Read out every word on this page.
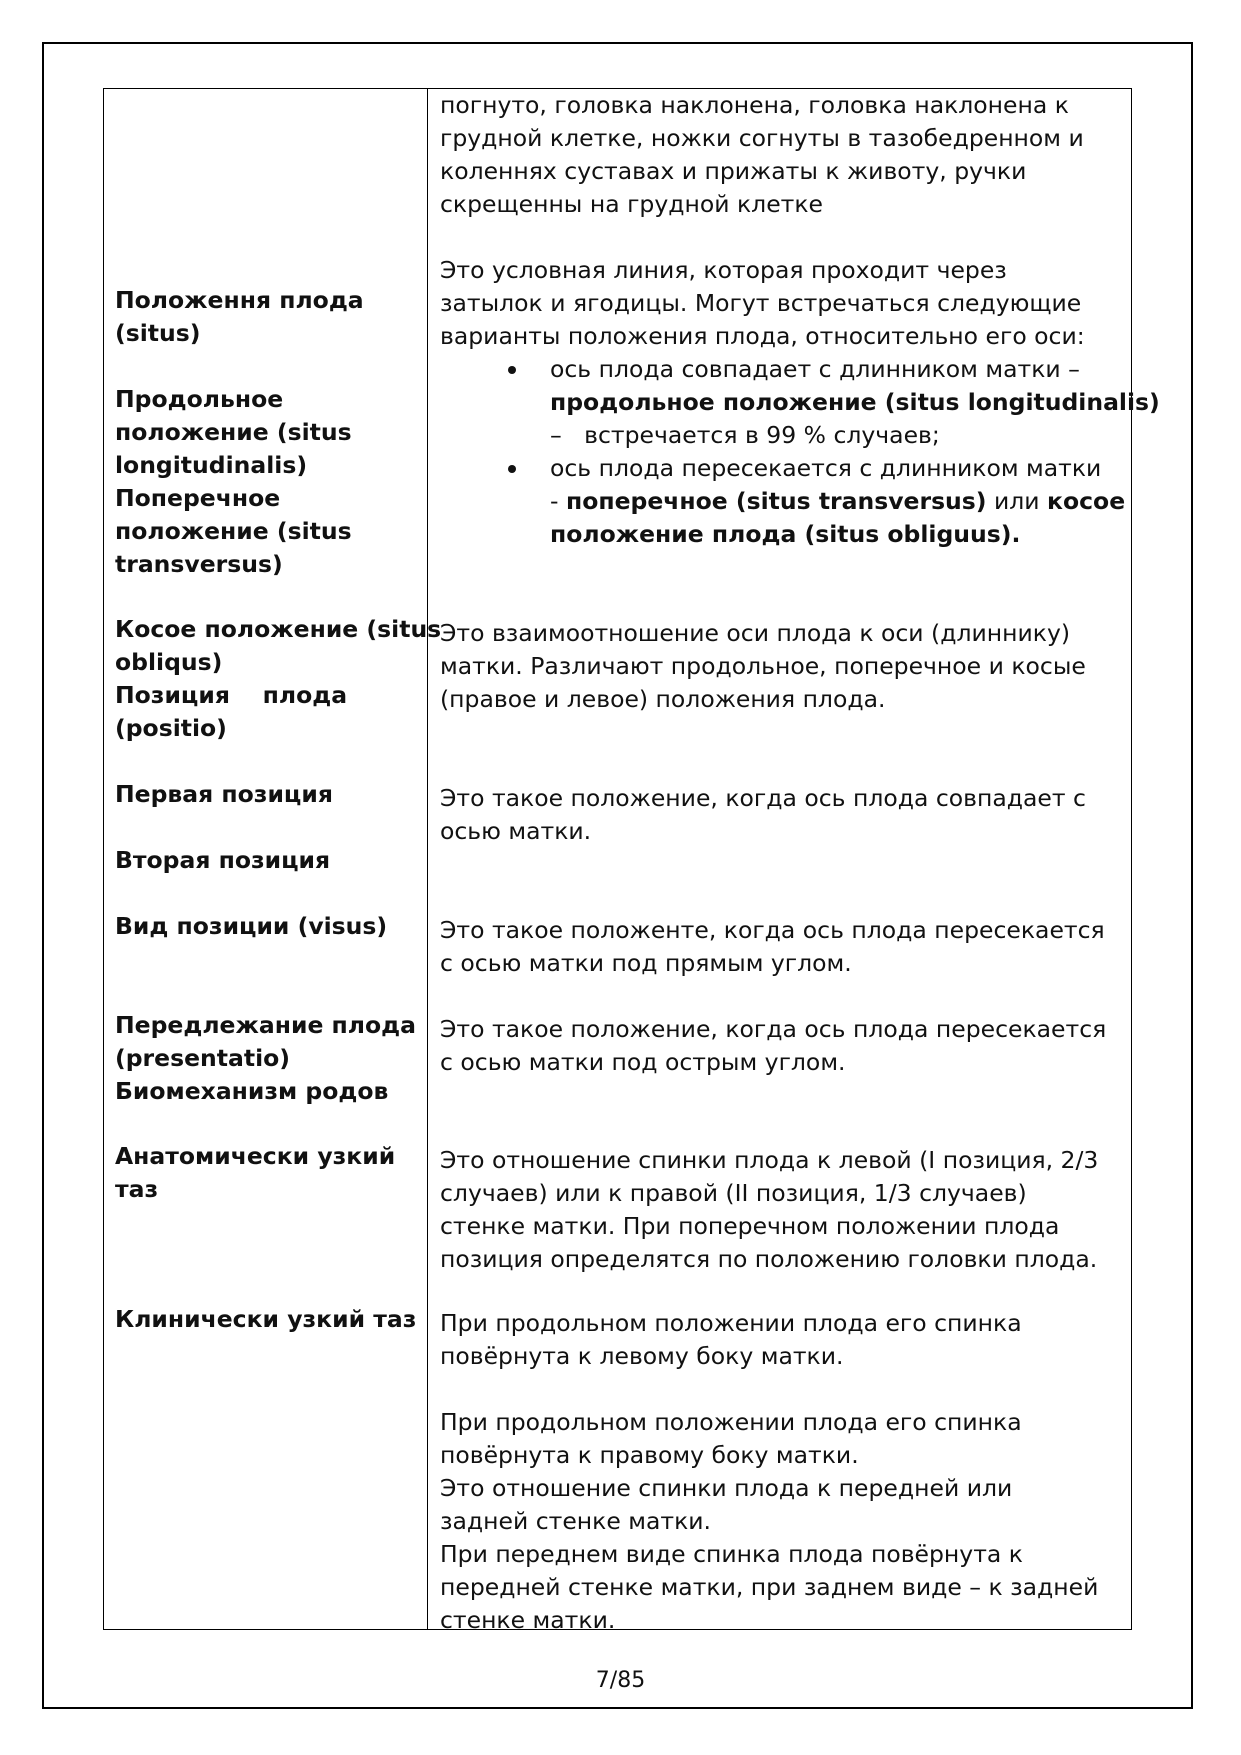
Положення плода
(situs)
Продольное
положение (situs
longitudinalis)
Поперечное
положение (situs
transversus)
Косое положение (situs
obliqus)
Позиция    плода
(positio)
Первая позиция
Вторая позиция
Вид позиции (visus)
Передлежание плода
(presentatio)
Биомеханизм родов
Анатомически узкий
таз
Клинически узкий таз
погнуто, головка наклонена, головка наклонена к
грудной клетке, ножки согнуты в тазобедренном и
коленнях суставах и прижаты к животу, ручки
скрещенны на грудной клетке
Это условная линия, которая проходит через
затылок и ягодицы. Могут встречаться следующие
варианты положения плода, относительно его оси:
ось плода совпадает с длинником матки –
продольное положение (situs longitudinalis)
–   встречается в 99 % случаев;
ось плода пересекается с длинником матки
- поперечное (situs transversus) или косое
положение плода (situs obliguus).
Это взаимоотношение оси плода к оси (длиннику)
матки. Различают продольное, поперечное и косые
(правое и левое) положения плода.
Это такое положение, когда ось плода совпадает с
осью матки.
Это такое положенте, когда ось плода пересекается
с осью матки под прямым углом.
Это такое положение, когда ось плода пересекается
с осью матки под острым углом.
Это отношение спинки плода к левой (I позиция, 2/3
случаев) или к правой (II позиция, 1/3 случаев)
стенке матки. При поперечном положении плода
позиция определятся по положению головки плода.
При продольном положении плода его спинка
повёрнута к левому боку матки.
При продольном положении плода его спинка
повёрнута к правому боку матки.
Это отношение спинки плода к передней или
задней стенке матки.
При переднем виде спинка плода повёрнута к
передней стенке матки, при заднем виде – к задней
стенке матки.
7/85
